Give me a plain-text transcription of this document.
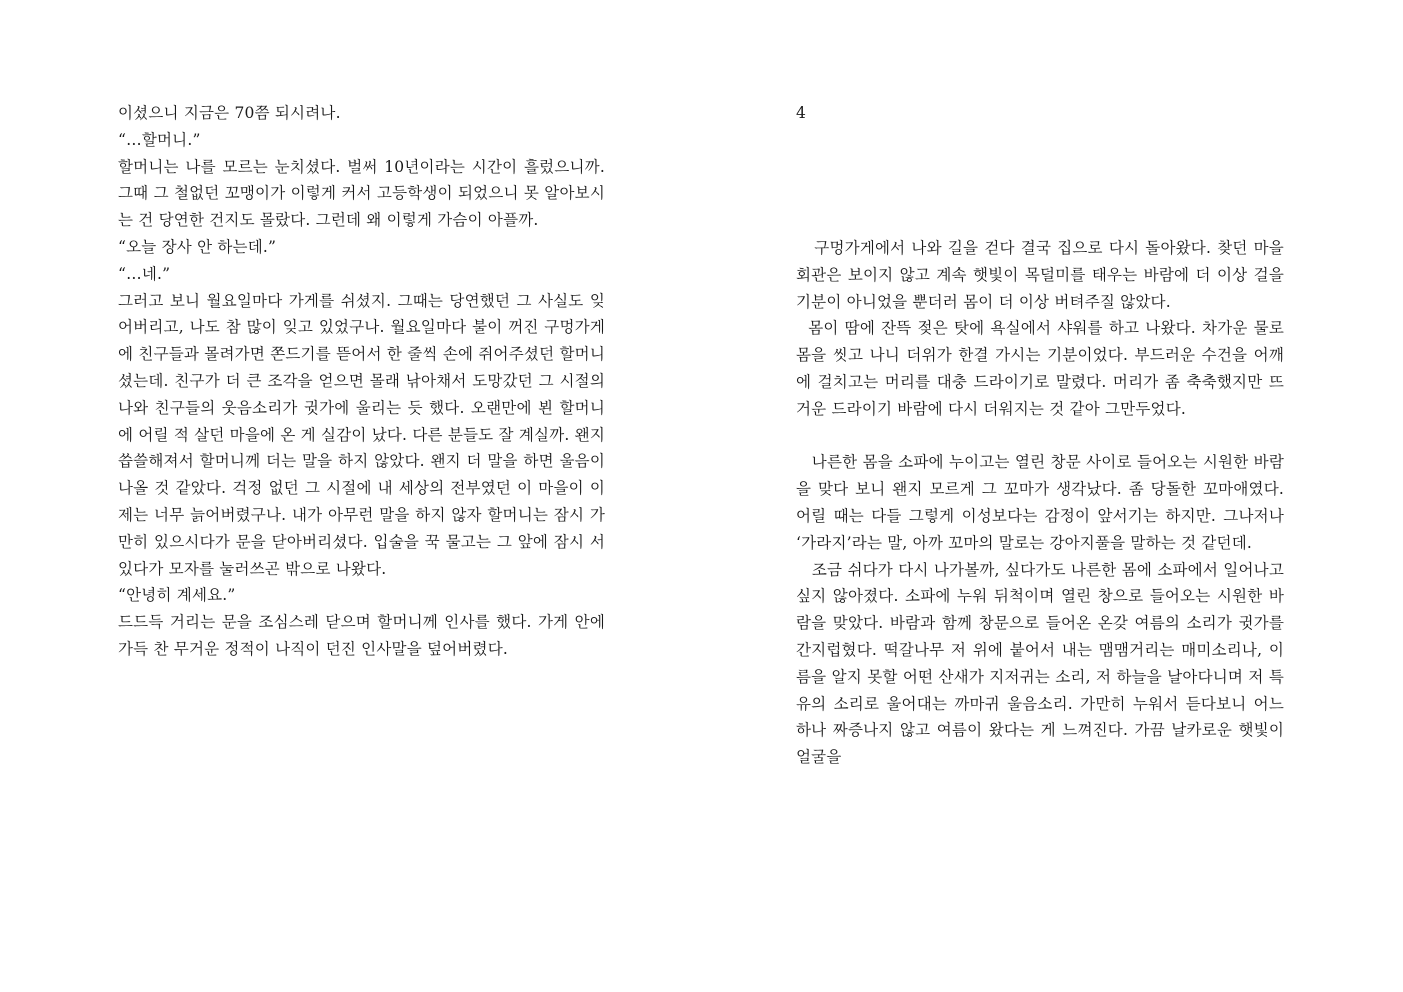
이셨으니 지금은 70쯤 되시려나.

“…할머니.”

할머니는 나를 모르는 눈치셨다. 벌써 10년이라는 시간이 흘렀으니까. 그때 그 철없던 꼬맹이가 이렇게 커서 고등학생이 되었으니 못 알아보시는 건 당연한 건지도 몰랐다. 그런데 왜 이렇게 가슴이 아플까.

“오늘 장사 안 하는데.”

“…네.”

그러고 보니 월요일마다 가게를 쉬셨지. 그때는 당연했던 그 사실도 잊어버리고, 나도 참 많이 잊고 있었구나. 월요일마다 불이 꺼진 구멍가게에 친구들과 몰려가면 쫀드기를 뜯어서 한 줄씩 손에 쥐어주셨던 할머니셨는데. 친구가 더 큰 조각을 얻으면 몰래 낚아채서 도망갔던 그 시절의 나와 친구들의 웃음소리가 귓가에 울리는 듯 했다. 오랜만에 뵌 할머니에 어릴 적 살던 마을에 온 게 실감이 났다. 다른 분들도 잘 계실까. 왠지 씁쓸해져서 할머니께 더는 말을 하지 않았다. 왠지 더 말을 하면 울음이 나올 것 같았다. 걱정 없던 그 시절에 내 세상의 전부였던 이 마을이 이제는 너무 늙어버렸구나. 내가 아무런 말을 하지 않자 할머니는 잠시 가만히 있으시다가 문을 닫아버리셨다. 입술을 꾹 물고는 그 앞에 잠시 서 있다가 모자를 눌러쓰곤 밖으로 나왔다.

“안녕히 계세요.”

드드득 거리는 문을 조심스레 닫으며 할머니께 인사를 했다. 가게 안에 가득 찬 무거운 정적이 나직이 던진 인사말을 덮어버렸다.

4

구멍가게에서 나와 길을 걷다 결국 집으로 다시 돌아왔다. 찾던 마을회관은 보이지 않고 계속 햇빛이 목덜미를 태우는 바람에 더 이상 걸을 기분이 아니었을 뿐더러 몸이 더 이상 버텨주질 않았다.

몸이 땀에 잔뜩 젖은 탓에 욕실에서 샤워를 하고 나왔다. 차가운 물로 몸을 씻고 나니 더위가 한결 가시는 기분이었다. 부드러운 수건을 어깨에 걸치고는 머리를 대충 드라이기로 말렸다. 머리가 좀 축축했지만 뜨거운 드라이기 바람에 다시 더워지는 것 같아 그만두었다.

나른한 몸을 소파에 누이고는 열린 창문 사이로 들어오는 시원한 바람을 맞다 보니 왠지 모르게 그 꼬마가 생각났다. 좀 당돌한 꼬마애였다. 어릴 때는 다들 그렇게 이성보다는 감정이 앞서기는 하지만. 그나저나 ‘가라지’라는 말, 아까 꼬마의 말로는 강아지풀을 말하는 것 같던데.

조금 쉬다가 다시 나가볼까, 싶다가도 나른한 몸에 소파에서 일어나고 싶지 않아졌다. 소파에 누워 뒤척이며 열린 창으로 들어오는 시원한 바람을 맞았다. 바람과 함께 창문으로 들어온 온갖 여름의 소리가 귓가를 간지럽혔다. 떡갈나무 저 위에 붙어서 내는 맴맴거리는 매미소리나, 이름을 알지 못할 어떤 산새가 지저귀는 소리, 저 하늘을 날아다니며 저 특유의 소리로 울어대는 까마귀 울음소리. 가만히 누워서 듣다보니 어느 하나 짜증나지 않고 여름이 왔다는 게 느껴진다. 가끔 날카로운 햇빛이 얼굴을
